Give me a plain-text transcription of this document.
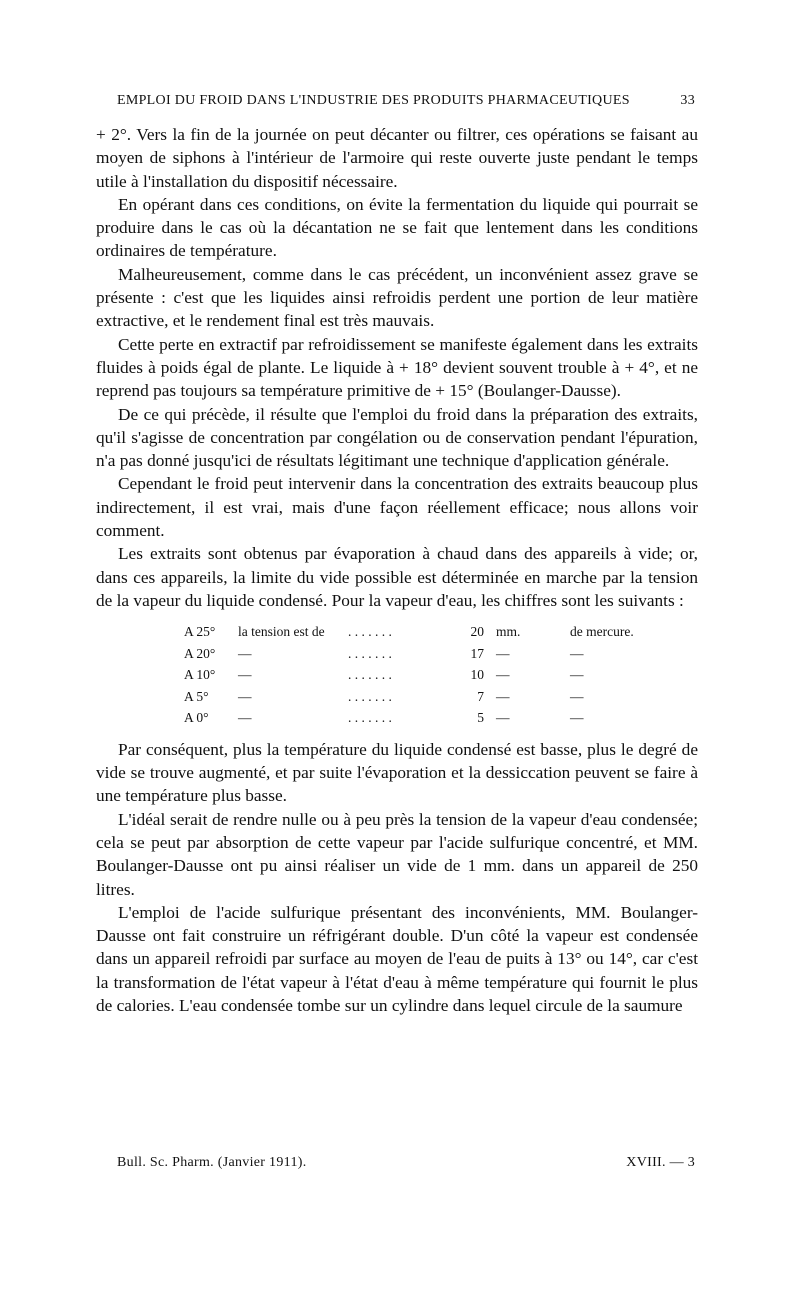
EMPLOI DU FROID DANS L'INDUSTRIE DES PRODUITS PHARMACEUTIQUES	33

+ 2°. Vers la fin de la journée on peut décanter ou filtrer, ces opérations se faisant au moyen de siphons à l'intérieur de l'armoire qui reste ouverte juste pendant le temps utile à l'installation du dispositif nécessaire.

En opérant dans ces conditions, on évite la fermentation du liquide qui pourrait se produire dans le cas où la décantation ne se fait que lentement dans les conditions ordinaires de température.

Malheureusement, comme dans le cas précédent, un inconvénient assez grave se présente : c'est que les liquides ainsi refroidis perdent une portion de leur matière extractive, et le rendement final est très mauvais.

Cette perte en extractif par refroidissement se manifeste également dans les extraits fluides à poids égal de plante. Le liquide à + 18° devient souvent trouble à + 4°, et ne reprend pas toujours sa température primitive de + 15° (Boulanger-Dausse).

De ce qui précède, il résulte que l'emploi du froid dans la préparation des extraits, qu'il s'agisse de concentration par congélation ou de conservation pendant l'épuration, n'a pas donné jusqu'ici de résultats légitimant une technique d'application générale.

Cependant le froid peut intervenir dans la concentration des extraits beaucoup plus indirectement, il est vrai, mais d'une façon réellement efficace; nous allons voir comment.

Les extraits sont obtenus par évaporation à chaud dans des appareils à vide; or, dans ces appareils, la limite du vide possible est déterminée en marche par la tension de la vapeur du liquide condensé. Pour la vapeur d'eau, les chiffres sont les suivants :

A 25° la tension est de . . . . . . .	20 mm.	de mercure.
A 20° —	. . . . . . .	17 —	—
A 10° —	. . . . . . .	10 —	—
A 5° —	. . . . . . .	7 —	—
A 0° —	. . . . . . .	5 —	—

Par conséquent, plus la température du liquide condensé est basse, plus le degré de vide se trouve augmenté, et par suite l'évaporation et la dessiccation peuvent se faire à une température plus basse.

L'idéal serait de rendre nulle ou à peu près la tension de la vapeur d'eau condensée; cela se peut par absorption de cette vapeur par l'acide sulfurique concentré, et MM. Boulanger-Dausse ont pu ainsi réaliser un vide de 1 mm. dans un appareil de 250 litres.

L'emploi de l'acide sulfurique présentant des inconvénients, MM. Boulanger-Dausse ont fait construire un réfrigérant double. D'un côté la vapeur est condensée dans un appareil refroidi par surface au moyen de l'eau de puits à 13° ou 14°, car c'est la transformation de l'état vapeur à l'état d'eau à même température qui fournit le plus de calories. L'eau condensée tombe sur un cylindre dans lequel circule de la saumure

Bull. Sc. Pharm. (Janvier 1911).	XVIII. — 3
